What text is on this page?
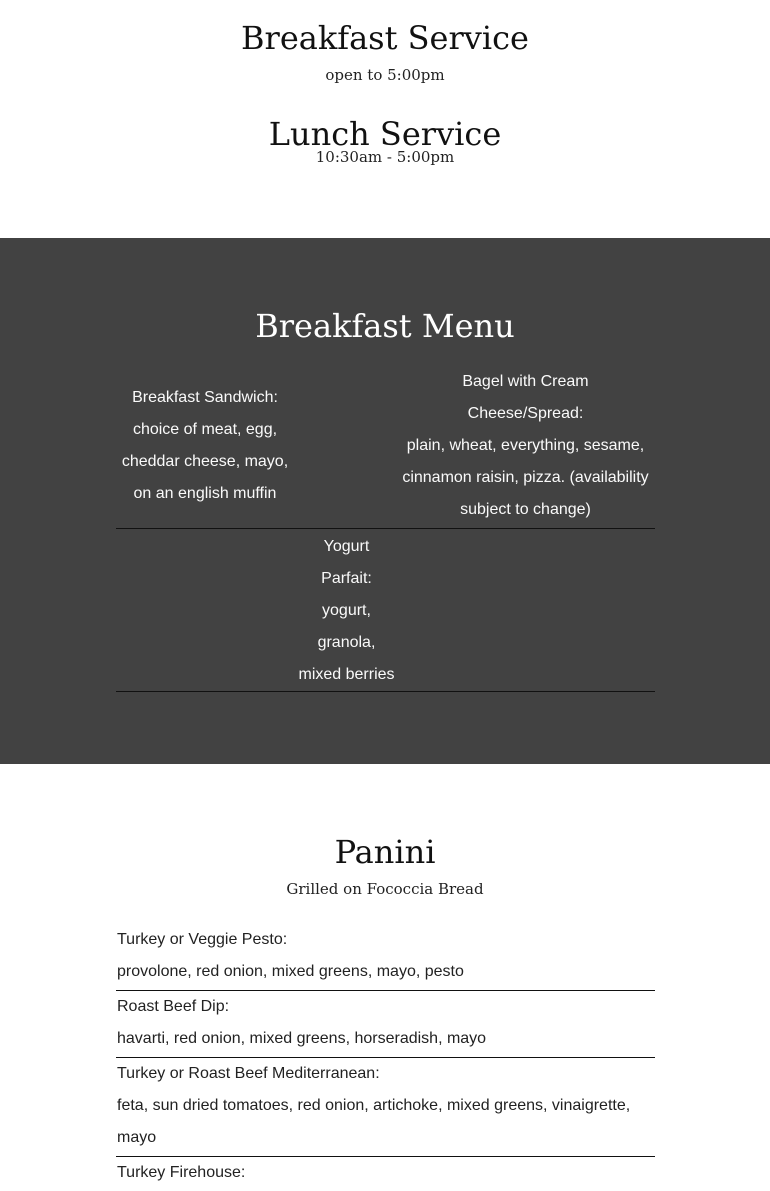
Breakfast Service
open to 5:00pm
Lunch Service
10:30am - 5:00pm
Breakfast Menu
Breakfast Sandwich:
choice of meat, egg,
cheddar cheese, mayo,
on an english muffin
Bagel with Cream
Cheese/Spread:
plain, wheat, everything, sesame,
cinnamon raisin, pizza. (availability
subject to change)
Yogurt
Parfait:
yogurt,
granola,
mixed berries
Panini
Grilled on Fococcia Bread
Turkey or Veggie Pesto:
provolone, red onion, mixed greens, mayo, pesto
Roast Beef Dip:
havarti, red onion, mixed greens, horseradish, mayo
Turkey or Roast Beef Mediterranean:
feta, sun dried tomatoes, red onion, artichoke, mixed greens, vinaigrette,
mayo
Turkey Firehouse:
